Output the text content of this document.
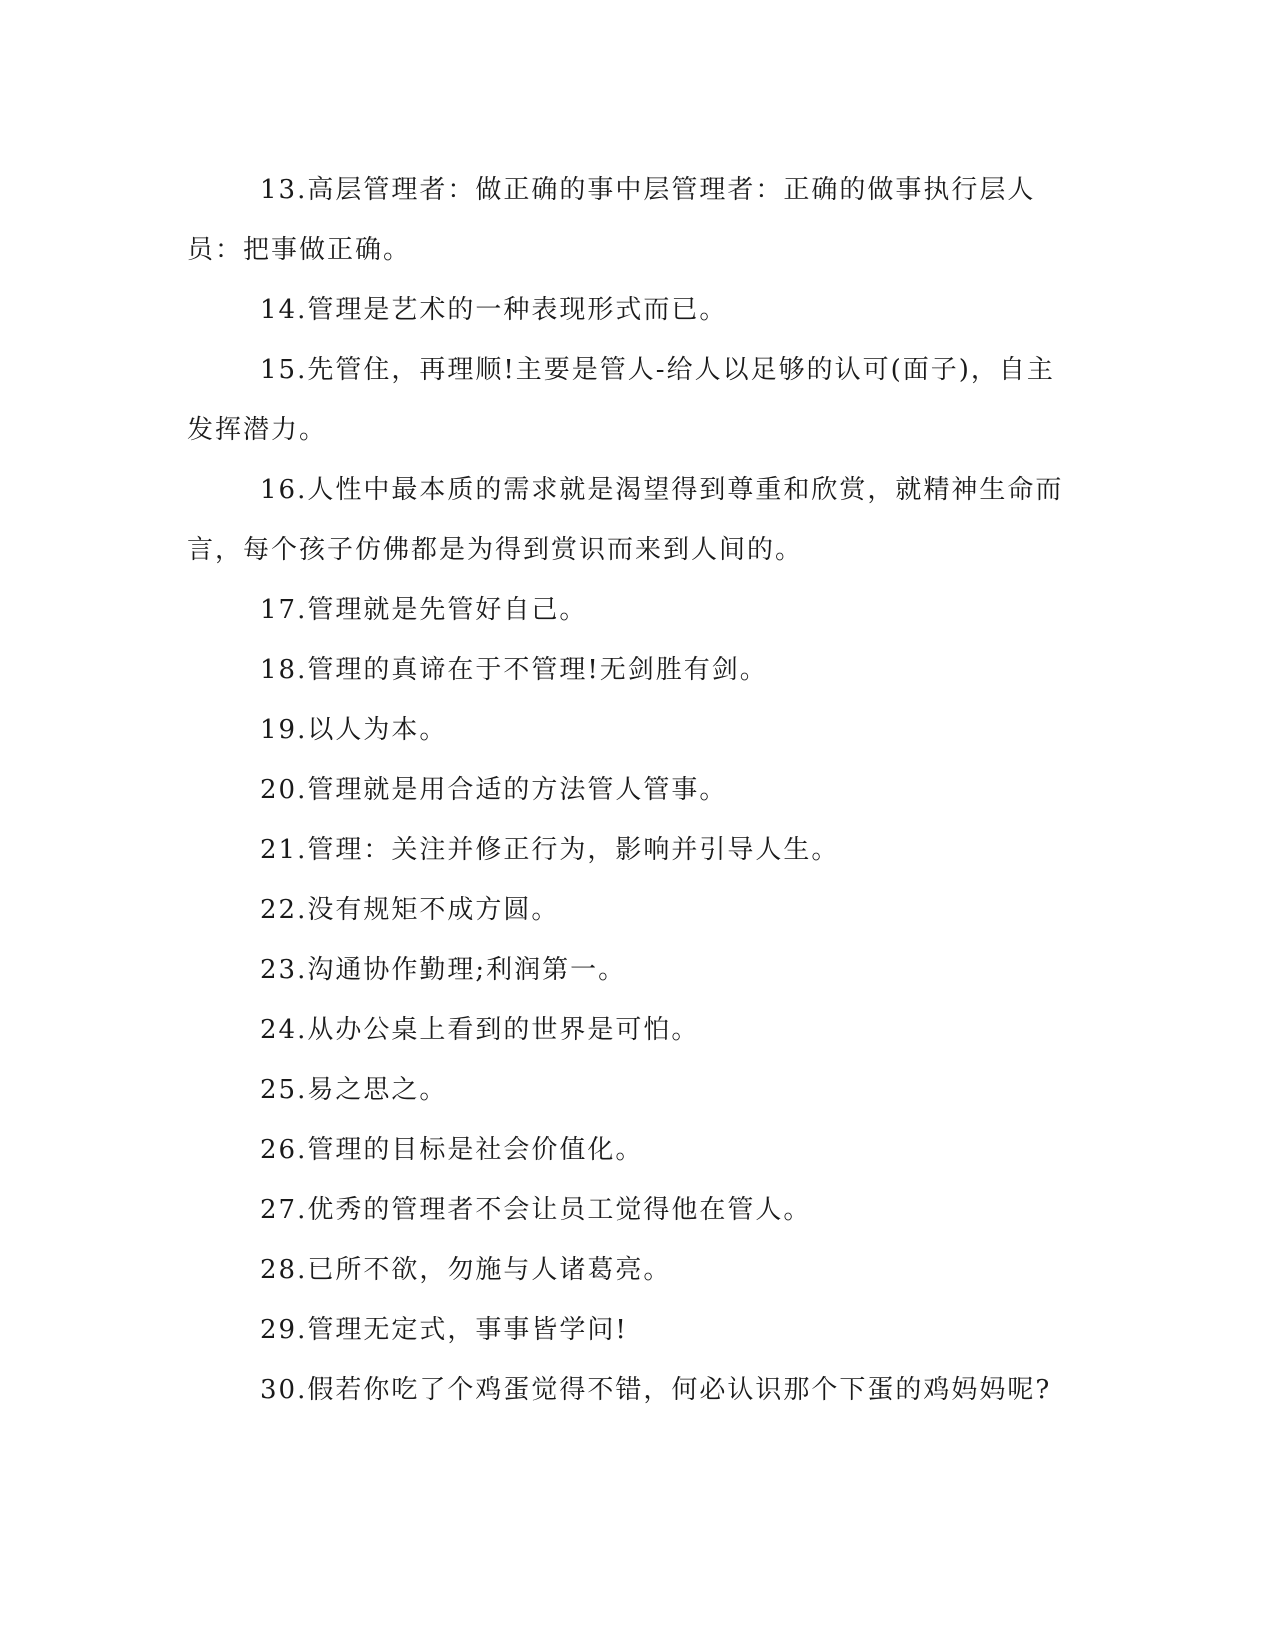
13.高层管理者：做正确的事中层管理者：正确的做事执行层人员：把事做正确。

14.管理是艺术的一种表现形式而已。

15.先管住，再理顺!主要是管人-给人以足够的认可(面子)，自主发挥潜力。

16.人性中最本质的需求就是渴望得到尊重和欣赏，就精神生命而言，每个孩子仿佛都是为得到赏识而来到人间的。

17.管理就是先管好自己。

18.管理的真谛在于不管理!无剑胜有剑。

19.以人为本。

20.管理就是用合适的方法管人管事。

21.管理：关注并修正行为，影响并引导人生。

22.没有规矩不成方圆。

23.沟通协作勤理;利润第一。

24.从办公桌上看到的世界是可怕。

25.易之思之。

26.管理的目标是社会价值化。

27.优秀的管理者不会让员工觉得他在管人。

28.已所不欲，勿施与人诸葛亮。

29.管理无定式，事事皆学问!

30.假若你吃了个鸡蛋觉得不错，何必认识那个下蛋的鸡妈妈呢?
